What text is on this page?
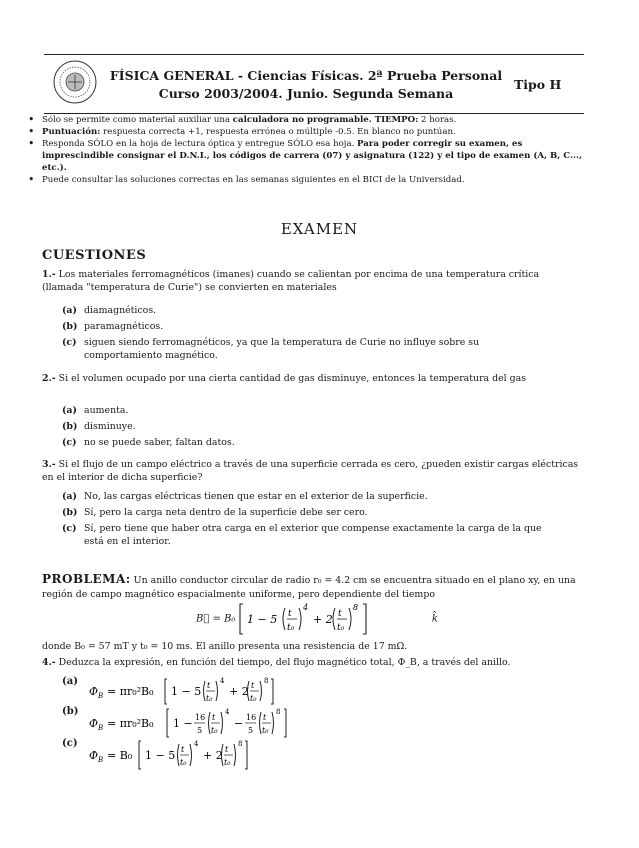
FÍSICA GENERAL - Ciencias Físicas. 2ª Prueba Personal
Curso 2003/2004. Junio. Segunda Semana
Tipo H
• Sólo se permite como material auxiliar una calculadora no programable. TIEMPO: 2 horas.
• Puntuación: respuesta correcta +1, respuesta errónea o múltiple -0.5. En blanco no puntúan.
• Responda SÓLO en la hoja de lectura óptica y entregue SÓLO esa hoja. Para poder corregir su examen, es imprescindible consignar el D.N.I., los códigos de carrera (07) y asignatura (122) y el tipo de examen (A, B, C..., etc.).
• Puede consultar las soluciones correctas en las semanas siguientes en el BICI de la Universidad.
EXAMEN
CUESTIONES
1.- Los materiales ferromagnéticos (imanes) cuando se calientan por encima de una temperatura crítica (llamada "temperatura de Curie") se convierten en materiales
(a) diamagnéticos.
(b) paramagnéticos.
(c) siguen siendo ferromagnéticos, ya que la temperatura de Curie no influye sobre su comportamiento magnético.
2.- Si el volumen ocupado por una cierta cantidad de gas disminuye, entonces la temperatura del gas
(a) aumenta.
(b) disminuye.
(c) no se puede saber, faltan datos.
3.- Si el flujo de un campo eléctrico a través de una superficie cerrada es cero, ¿pueden existir cargas eléctricas en el interior de dicha superficie?
(a) No, las cargas eléctricas tienen que estar en el exterior de la superficie.
(b) Sí, pero la carga neta dentro de la superficie debe ser cero.
(c) Sí, pero tiene que haber otra carga en el exterior que compense exactamente la carga de la que está en el interior.
PROBLEMA: Un anillo conductor circular de radio r₀ = 4.2 cm se encuentra situado en el plano xy, en una región de campo magnético espacialmente uniforme, pero dependiente del tiempo
B⃗ = B₀ 1 − 5 t
t₀
4
+ 2 t
t₀
8
k̂
donde B₀ = 57 mT y t₀ = 10 ms. El anillo presenta una resistencia de 17 mΩ.
4.- Deduzca la expresión, en función del tiempo, del flujo magnético total, Φ_B, a través del anillo.
(a)
Φ B = πr₀²B₀ 1 − 5 t
t₀
4
+ 2 t
t₀
8
(b)
Φ B = πr₀²B₀ 1 − 16
5
t
t₀
4
− 16
5
t
t₀
8
(c)
Φ B = B₀ 1 − 5 t
t₀
4
+ 2 t
t₀
8
